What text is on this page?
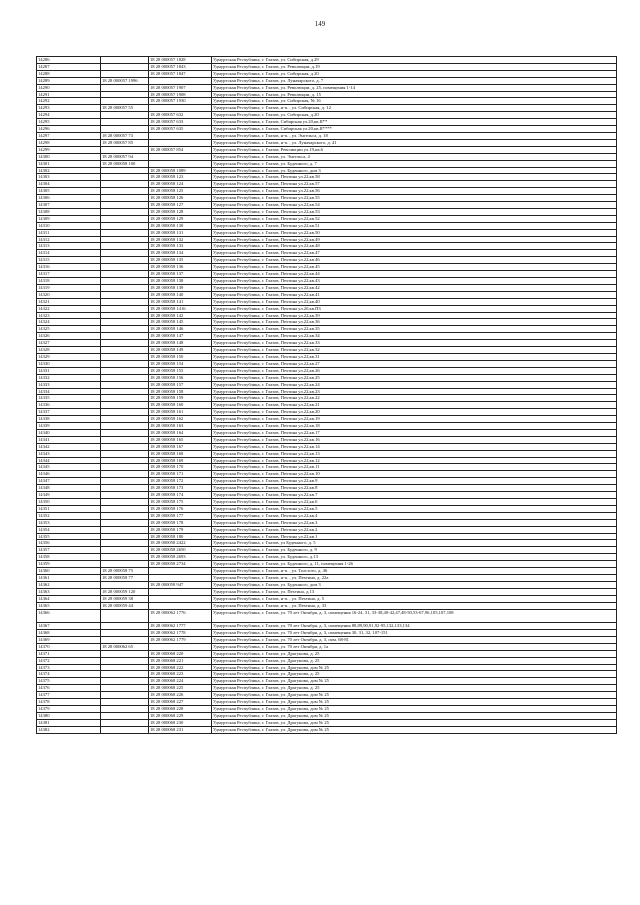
149
14286		18 28 000057 1828	Удмуртская Республика, г. Глазов, ул. Сибирская, д.29
14287		18 28 000057 1843	Удмуртская Республика, г. Глазов, ул. Революции, д.19
14288		18 28 000057 1847	Удмуртская Республика, г. Глазов, ул. Сибирская, д.20
14289	18 28 000057 1996		Удмуртская Республика, г. Глазов, ул. Луначарского, д. 7
14290		18 28 000057 1907	Удмуртская Республика, г. Глазов, ул. Революции, д. 25, помещения 1-14
14291		18 28 000057 1908	Удмуртская Республика, г. Глазов, ул. Революции, д. 15
14292		18 28 000057 1930	Удмуртская Республика, г. Глазов, ул. Сибирская, № 16
14293	18 28 000057 55		Удмуртская Республика, г. Глазов, н-п. , ул. Сибирская, д. 12
14294		18 28 000057 632	Удмуртская Республика, г. Глазов, ул. Сибирская, д.20
14295		18 28 000057 633	Удмуртская Республика, г. Глазов, Сибирская ул.20,кв.II**
14296		18 28 000057 635	Удмуртская Республика, г. Глазов, Сибирская ул.20,кв.II****
14297	18 28 000057 73		Удмуртская Республика, г. Глазов, н-п. , ул. Энгельса, д. 18
14298	18 28 000057 85		Удмуртская Республика, г. Глазов, н-п. , ул. Луначарского, д. 41
14299		18 28 000057 854	Удмуртская Республика, г. Глазов, Революции ул.19,кв.6
14300	18 28 000057 94		Удмуртская Республика, г. Глазов, ул. Энгельса, 4
14301	18 28 000058 100		Удмуртская Республика, г. Глазов, ул. Буденного, д. 7
14302		18 28 000058 1089	Удмуртская Республика, г. Глазов, ул. Буденного, дом 3
14303		18 28 000058 123	Удмуртская Республика, г. Глазов, Пехтина ул.22,кв.58
14304		18 28 000058 124	Удмуртская Республика, г. Глазов, Пехтина ул.22,кв.57
14305		18 28 000058 125	Удмуртская Республика, г. Глазов, Пехтина ул.22,кв.56
14306		18 28 000058 126	Удмуртская Республика, г. Глазов, Пехтина ул.22,кв.55
14307		18 28 000058 127	Удмуртская Республика, г. Глазов, Пехтина ул.22,кв.54
14308		18 28 000058 128	Удмуртская Республика, г. Глазов, Пехтина ул.22,кв.53
14309		18 28 000058 129	Удмуртская Республика, г. Глазов, Пехтина ул.22,кв.52
14310		18 28 000058 130	Удмуртская Республика, г. Глазов, Пехтина ул.22,кв.51
14311		18 28 000058 131	Удмуртская Республика, г. Глазов, Пехтина ул.22,кв.50
14312		18 28 000058 132	Удмуртская Республика, г. Глазов, Пехтина ул.22,кв.49
14313		18 28 000058 133	Удмуртская Республика, г. Глазов, Пехтина ул.22,кв.48
14314		18 28 000058 134	Удмуртская Республика, г. Глазов, Пехтина ул.22,кв.47
14315		18 28 000058 135	Удмуртская Республика, г. Глазов, Пехтина ул.22,кв.46
14316		18 28 000058 136	Удмуртская Республика, г. Глазов, Пехтина ул.22,кв.45
14317		18 28 000058 137	Удмуртская Республика, г. Глазов, Пехтина ул.22,кв.44
14318		18 28 000058 138	Удмуртская Республика, г. Глазов, Пехтина ул.22,кв.43
14319		18 28 000058 139	Удмуртская Республика, г. Глазов, Пехтина ул.22,кв.42
14320		18 28 000058 140	Удмуртская Республика, г. Глазов, Пехтина ул.22,кв.41
14321		18 28 000058 141	Удмуртская Республика, г. Глазов, Пехтина ул.22,кв.40
14322		18 28 000058 1416	Удмуртская Республика, г. Глазов, Пехтина ул.20,кв.П3
14323		18 28 000058 142	Удмуртская Республика, г. Глазов, Пехтина ул.22,кв.39
14324		18 28 000058 145	Удмуртская Республика, г. Глазов, Пехтина ул.22,кв.36
14325		18 28 000058 146	Удмуртская Республика, г. Глазов, Пехтина ул.22,кв.35
14326		18 28 000058 147	Удмуртская Республика, г. Глазов, Пехтина ул.22,кв.34
14327		18 28 000058 148	Удмуртская Республика, г. Глазов, Пехтина ул.22,кв.33
14328		18 28 000058 149	Удмуртская Республика, г. Глазов, Пехтина ул.22,кв.32
14329		18 28 000058 150	Удмуртская Республика, г. Глазов, Пехтина ул.22,кв.31
14330		18 28 000058 154	Удмуртская Республика, г. Глазов, Пехтина ул.22,кв.27
14331		18 28 000058 155	Удмуртская Республика, г. Глазов, Пехтина ул.22,кв.26
14332		18 28 000058 156	Удмуртская Республика, г. Глазов, Пехтина ул.22,кв.25
14333		18 28 000058 157	Удмуртская Республика, г. Глазов, Пехтина ул.22,кв.24
14334		18 28 000058 158	Удмуртская Республика, г. Глазов, Пехтина ул.22,кв.23
14335		18 28 000058 159	Удмуртская Республика, г. Глазов, Пехтина ул.22,кв.22
14336		18 28 000058 160	Удмуртская Республика, г. Глазов, Пехтина ул.22,кв.21
14337		18 28 000058 161	Удмуртская Республика, г. Глазов, Пехтина ул.22,кв.20
14338		18 28 000058 162	Удмуртская Республика, г. Глазов, Пехтина ул.22,кв.19
14339		18 28 000058 163	Удмуртская Республика, г. Глазов, Пехтина ул.22,кв.18
14340		18 28 000058 164	Удмуртская Республика, г. Глазов, Пехтина ул.22,кв.17
14341		18 28 000058 165	Удмуртская Республика, г. Глазов, Пехтина ул.22,кв.16
14342		18 28 000058 167	Удмуртская Республика, г. Глазов, Пехтина ул.22,кв.14
14343		18 28 000058 168	Удмуртская Республика, г. Глазов, Пехтина ул.22,кв.13
14344		18 28 000058 169	Удмуртская Республика, г. Глазов, Пехтина ул.22,кв.12
14345		18 28 000058 170	Удмуртская Республика, г. Глазов, Пехтина ул.22,кв.11
14346		18 28 000058 171	Удмуртская Республика, г. Глазов, Пехтина ул.22,кв.10
14347		18 28 000058 172	Удмуртская Республика, г. Глазов, Пехтина ул.22,кв.9
14348		18 28 000058 173	Удмуртская Республика, г. Глазов, Пехтина ул.22,кв.8
14349		18 28 000058 174	Удмуртская Республика, г. Глазов, Пехтина ул.22,кв.7
14350		18 28 000058 175	Удмуртская Республика, г. Глазов, Пехтина ул.22,кв.6
14351		18 28 000058 176	Удмуртская Республика, г. Глазов, Пехтина ул.22,кв.5
14352		18 28 000058 177	Удмуртская Республика, г. Глазов, Пехтина ул.22,кв.4
14353		18 28 000058 178	Удмуртская Республика, г. Глазов, Пехтина ул.22,кв.3
14354		18 28 000058 179	Удмуртская Республика, г. Глазов, Пехтина ул.22,кв.2
14355		18 28 000058 180	Удмуртская Республика, г. Глазов, Пехтина ул.22,кв.1
14356		18 28 000058 2422	Удмуртская Республика, г. Глазов, ул Буденного, д. 5
14357		18 28 000058 2650	Удмуртская Республика, г. Глазов, ул. Буденного, д. 9
14358		18 28 000058 2693	Удмуртская Республика, г. Глазов, ул. Буденного, д.13
14359		18 28 000058 2734	Удмуртская Республика, г. Глазов, ул. Буденного, д. 11, помещения 1-26
14360	18 28 000058 75		Удмуртская Республика, г. Глазов, н-п. , ул. Толстого, д. 46
14361	18 28 000058 77		Удмуртская Республика, г. Глазов, н-п. , ул. Пехтина, д. 22а
14362		18 28 000058 947	Удмуртская Республика, г. Глазов, ул. Буденного, дом 3
14363	18 28 000059 120		Удмуртская Республика, г. Глазов, ул. Пехтина, д.13
14364	18 28 000059 38		Удмуртская Республика, г. Глазов, н-п. , ул. Пехтина, д. 5
14365	18 28 000059 44		Удмуртская Республика, г. Глазов, н-п. , ул. Пехтина, д. 33
14366		18 28 000062 1776	Удмуртская Республика, г. Глазов, ул. 70 лет Октября, д. 3, помещения 16-24, 31, 33-38,40-42,47,48-50,53-67,96,105,107,108
14367		18 28 000062 1777	Удмуртская Республика, г. Глазов, ул. 70 лет Октября, д. 3, помещения 88,89,90,91,92-95,132,133,134
14368		18 28 000062 1778	Удмуртская Республика, г. Глазов, ул. 70 лет Октября, д. 3, помещения 30, 31, 32, 107-151
14369		18 28 000062 1779	Удмуртская Республика, г. Глазов, ул. 70 лет Октября, д. 3, пом. 68-81
14370	18 28 000062 65		Удмуртская Республика, г. Глазов, ул. 70 лет Октября, д. 1а
14371		18 28 000068 220	Удмуртская Республика, г. Глазов, ул. Драгунова, д. 25
14372		18 28 000068 221	Удмуртская Республика, г. Глазов, ул. Драгунова, д. 25
14373		18 28 000068 222	Удмуртская Республика, г. Глазов, ул. Драгунова, дом № 25
14374		18 28 000068 223	Удмуртская Республика, г. Глазов, ул. Драгунова, д. 25
14375		18 28 000068 224	Удмуртская Республика, г. Глазов, ул. Драгунова, дом № 25
14376		18 28 000068 225	Удмуртская Республика, г. Глазов, ул. Драгунова, д. 25
14377		18 28 000068 226	Удмуртская Республика, г. Глазов, ул. Драгунова, дом № 25
14378		18 28 000068 227	Удмуртская Республика, г. Глазов, ул. Драгунова, дом № 25
14379		18 28 000068 228	Удмуртская Республика, г. Глазов, ул. Драгунова, дом № 25
14380		18 28 000068 229	Удмуртская Республика, г. Глазов, ул. Драгунова, дом № 25
14381		18 28 000068 230	Удмуртская Республика, г. Глазов, ул. Драгунова, дом № 25
14382		18 28 000068 231	Удмуртская Республика, г. Глазов, ул. Драгунова, дом № 25
